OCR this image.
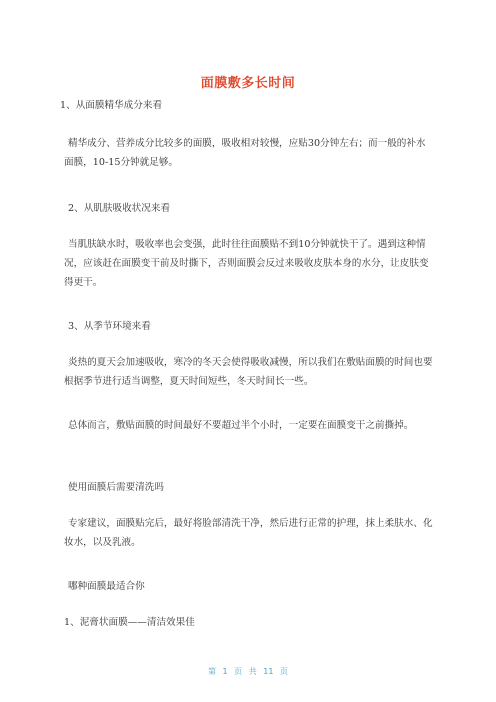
面膜敷多长时间

1、从面膜精华成分来看

精华成分、营养成分比较多的面膜，吸收相对较慢，应贴30分钟左右；而一般的补水面膜，10-15分钟就足够。

2、从肌肤吸收状况来看

当肌肤缺水时，吸收率也会变强，此时往往面膜贴不到10分钟就快干了。遇到这种情况，应该赶在面膜变干前及时撕下，否则面膜会反过来吸收皮肤本身的水分，让皮肤变得更干。

3、从季节环境来看

炎热的夏天会加速吸收，寒冷的冬天会使得吸收减慢，所以我们在敷贴面膜的时间也要根据季节进行适当调整，夏天时间短些，冬天时间长一些。

总体而言，敷贴面膜的时间最好不要超过半个小时，一定要在面膜变干之前撕掉。

使用面膜后需要清洗吗

专家建议，面膜贴完后，最好将脸部清洗干净，然后进行正常的护理，抹上柔肤水、化妆水，以及乳液。

哪种面膜最适合你

1、泥膏状面膜——清洁效果佳

第 1 页 共 11 页
